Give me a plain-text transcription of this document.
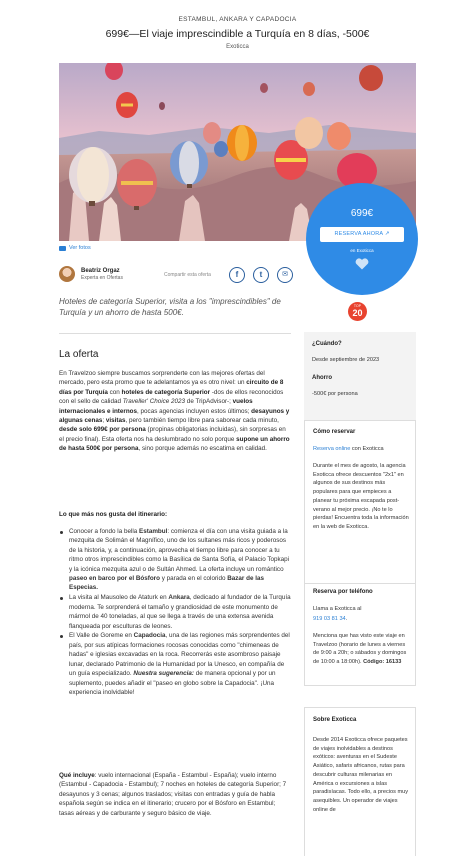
ESTAMBUL, ANKARA Y CAPADOCIA
699€—El viaje imprescindible a Turquía en 8 días, -500€
Exoticca
Ver fotos
699€
RESERVA AHORA ↗
en Exoticca
Beatriz Orgaz
Experta en Ofertas	Compartir esta oferta	f	t	✉
Hoteles de categoría Superior, visita a los "imprescindibles" de Turquía y un ahorro de hasta 500€.
TOP
20
La oferta
En Travelzoo siempre buscamos sorprenderte con las mejores ofertas del mercado, pero esta promo que te adelantamos ya es otro nivel: un circuito de 8 días por Turquía con hoteles de categoría Superior -dos de ellos reconocidos con el sello de calidad Traveller' Choice 2023 de TripAdvisor-; vuelos internacionales e internos, pocas agencias incluyen estos últimos; desayunos y algunas cenas; visitas, pero también tiempo libre para saborear cada minuto, desde solo 699€ por persona (propinas obligatorias incluidas), sin sorpresas en el precio final). Esta oferta nos ha deslumbrado no solo porque supone un ahorro de hasta 500€ por persona, sino porque además no escatima en calidad.
Lo que más nos gusta del itinerario:
Conocer a fondo la bella Estambul: comienza el día con una visita guiada a la mezquita de Solimán el Magnífico, uno de los sultanes más ricos y poderosos de la historia, y, a continuación, aprovecha el tiempo libre para conocer a tu ritmo otros imprescindibles como la Basílica de Santa Sofía, el Palacio Topkapi y la icónica mezquita azul o de Sultán Ahmed. La oferta incluye un romántico paseo en barco por el Bósforo y parada en el colorido Bazar de las Especias.
La visita al Mausoleo de Ataturk en Ankara, dedicado al fundador de la Turquía moderna. Te sorprenderá el tamaño y grandiosidad de este monumento de mármol de 40 toneladas, al que se llega a través de una extensa avenida flanqueada por esculturas de leones.
El Valle de Goreme en Capadocia, una de las regiones más sorprendentes del país, por sus atípicas formaciones rocosas conocidas como "chimeneas de hadas" e iglesias excavadas en la roca. Recorrerás este asombroso paisaje lunar, declarado Patrimonio de la Humanidad por la Unesco, en compañía de un guía especializado. Nuestra sugerencia: de manera opcional y por un suplemento, puedes añadir el "paseo en globo sobre la Capadocia". ¡Una experiencia inolvidable!
Qué incluye: vuelo internacional (España - Estambul - España); vuelo interno (Estambul - Capadocia - Estambul); 7 noches en hoteles de categoría Superior; 7 desayunos y 3 cenas; algunos traslados; visitas con entradas y guía de habla española según se indica en el itinerario; crucero por el Bósforo en Estambul; tasas aéreas y de carburante y seguro básico de viaje.
¿Cuándo?
Desde septiembre de 2023
Ahorro
-500€ por persona
Cómo reservar
Reserva online con Exoticca
Durante el mes de agosto, la agencia Exoticca ofrece descuentos "2x1" en algunos de sus destinos más populares para que empieces a planear tu próxima escapada post-verano al mejor precio. ¡No te lo pierdas! Encuentra toda la información en la web de Exoticca.
Reserva por teléfono
Llama a Exoticca al
919 03 81 34.
Menciona que has visto este viaje en Travelzoo (horario de lunes a viernes de 9:00 a 20h; o sábados y domingos de 10:00 a 18:00h). Código: 16133
Sobre Exoticca
Desde 2014 Exoticca ofrece paquetes de viajes inolvidables a destinos exóticos: aventuras en el Sudeste Asiático, safaris africanos, rutas para descubrir culturas milenarias en América o excursiones a islas paradisíacas. Todo ello, a precios muy asequibles. Un operador de viajes online de
